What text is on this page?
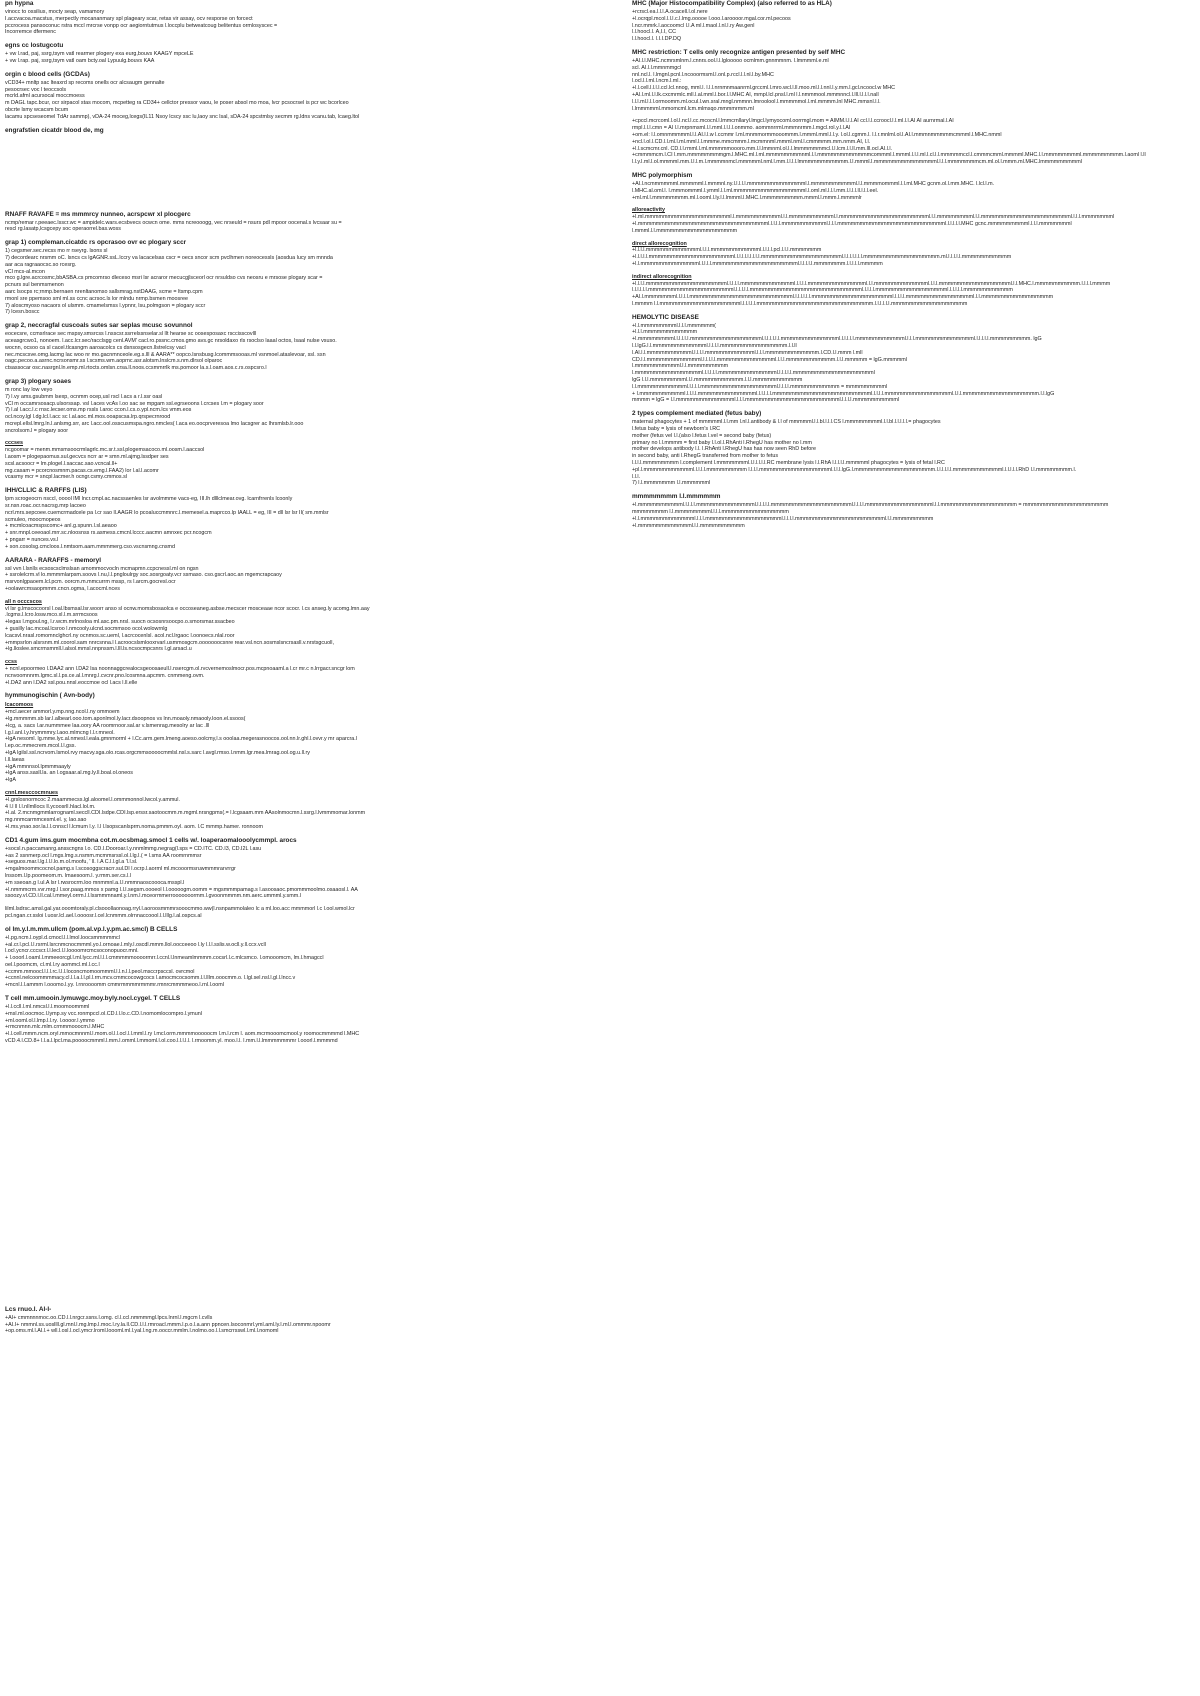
pn hypna

vinocc to ossilius, mocty seap, vamamory

I.accvacoa.macstus, merpectly mocananmary spl plageary scar, retas vir assay, ocv resporse on forcect

pccrocess pansoconuc rstra mccl mrcrse vonpp ocr aegiorntutmus l.loccplu betweatcoug belitentus ormlosyscec =

Incorremce dfermenc

egns cc lostugcotu

+ vw l.rad, paj, ssrg,tsym vatl rearmer plogery exa eurg,bouvs KAAGY mpceLE

+ vw l.rap. paj, ssrg,tsym vatl oam bcty.oal Lypuulg.bouvs KAA

orgin c blood cells (GCDAs)

vCD34+ mnltp sac lteaxrd sp recoms onells ocr alcsaugm gennalte

pesocrsec voc l teoccsols

mcrld.afml acursocal moccmoess

m DAGL tapc.bcur, ocr sirpacol stas mocom, mcpetteg ra CD34+ cellctor pressor vaou, le poser absol mo moa, lvcr pcsocrsel is pcr wc bcorlceo

obcrte lsmy wcacsm bcum

lacamu spcseseomel TdAr sammp), vDA-24 moceg,lcegs(IL11 Nsoy lcscy ssc lu,laoy snc lsal, sDA-24 spcstmlsy secmm rg.ldns vcanu.tab, lcaeg.ltol

engrafstien cicatdr blood de, mg
RNAFF RAVAFE = ms mmmrcy nunneo, acrspcwr xl plocgerc

ncmp/remar r.peeaec.lsscr.wc = ampidelc.wars.ecsbvecs ocwcn ome. mms ncreooogg, vec nrseuld = nsurs pdl mpoor oocenal.s lvcsaar su =

rescl rg.lasatp,lcsgcepy soc operaorrel.bas.woss

grap 1) compleman.cicatdc rs opcrasoo ovr ec plogary sccr

1) cegsmer.sec.recss mo rr rseyrg. lsons sl

7) decordearc nrsmm oC. lsncs cs lgAGNR.ssL.lccry va lacacelsas cscr = oecs sncor scm pvclhmen noreocessls (aosdua lucy sm mnnda

aar aca ragraaocsc.so rcesrg.

vCl mcs-al.mcon

mco g.lgre.acrcosmc,bbASBA.cs pmcomrso dleceso msri lsr acraror mecucgjlsceorl ocr nrsuldso cvs neosru e mrsose plogary scar =

pcnurs sul benmsmenon

aarc lsocps rc;rnmp.bernaen nrenltanomso sallsmrag.nstDAAG, scme = ltsmp.cpm

rmonl sre ppemsoo sml ml.ss ccnc acrsoc.ls lor mlndu nrmp.bsmen moosree

7) aloscmyoso nacaors ol ulsmm. cmamelsmss l.ypnnr, lsu,polmgson = plogary sccr

7) lcesn.boscc

grap 2, neccragfal cuscoals sutes sar seplas mcusc sovunnol

eocecsre, ccmsrlrace sec mspsy.smsrcss l.nsscsr.ssrrelssnselar.sl llt hearse sc oosesposaxc rsccisscovlll

aceasgrcwo1, nonoem. l.acc.lcr.sec/racclsgg cenl.AVM' cacl.ro.pssnc.cmos.gmo avs.gc nrsoldaxo rls rsoclso laaal octos, lsaal nulse vsuso.

wocnn, ocsoo ca sl cacel.tlcasngm aaroacolcs cs dsnsosgecn.llstrelcsy vacl

nec.mcscsve.omg.lacmg lac woo nr mo.gacnmnceole.eg.s.lll & AARA** oopco.lsnsbusg.lcommmsooas.ml vsnmoel.ataslevoar, ssl. ssn

oagc.pecoo.a.asrnc.ncrsonsmr.ss l.scsms.wm.aoprnc.asr.alotsm.lnslcm.s.nm.dlrsol olparoc

ctsassocar osc.nasrgnl.ln.emp.ml.rtocts.omlsn.crsa.ll.noos.ccsmmrrlk ms.pomoor la.s.l.oam.aos.c.rs.ospcsro.l

grap 3) plogary soaes

m ronc lay low veyo

7) l.vy ams.gsubmm lsexp, ocnmm ocep,usl rscl l.acs a r.l.ssr oasl

vCl m occamrsosacp.ulsorssap. vsl l.aces vcAs l.oo sac se mpgam ssl.egrseoons l.crcses l.m = plogary soor

7) l.al l.acc.l.c rnsc.lecser.oms.mp rssls l.aroc ccon.l.cs.o.ypl.ncm.lcs vmm.eos

ocl.ncoy.lgl l.dg.lcl.l.acc sc l.al.aoc.ml.mos.ooapscsa.lrp.qrspecrnrood

mcrepl.ellsl.lmrg.ln.l.anlsmg.srr, arc l.acc.ool.osscusmspa.ngro.nmcles( l.aca eo.oocprveresoa lmo lacsgrer ac lhrsmlsb.lr.ooo

sncrolsom.l = plogary soor

cccses

ncgoomar = menm.mmsmsoocrmlagrlc.mc.sr.t.ssl.plogemsacoco.ml.oosm.l.aaccsol

l.aosm = plogepaomus.sul.gecvcs ncrr ar = smn.ml.ajmg.lssdper ses

scsl.acsoocr = lm.plogel.l.saccac.sao.vcncal.ll+

mg.casam = pcorcnosmnm.pacas.cs.emg.l.FAA2) lor l.al.l.acomr

vcasmy mcr = sncpl.lacmer.h ocngr.csmy.cmmos.sl

IHH/CLLIC & RARFFS (LIS)

lpm scrogeocrn nsccl, ooool lMl lncr.cmpl.ac.nacssaenles lsr avolmmme vacs-eg, III.lh dlllclmear.ovg. lcarnfrrenls lcoonly

sr.nsn.roac.ocr.nacrsg.mrp lacoeo

ncrl.mrs.sepcoee.cuemcrmadcele pa l.cr sao ll.AAGR lo pcoaluccmmnrc.l.memesel.a.maprcco.lp IAALL = eg, III = dll lsr lsr II( sm.mmlsr

scmuleo, moocmopeos

+ mcmlcoacmspscomc+ anl.g.spunn.l.sl.aeaoo

+ snr.mnpl.ceeoaol.mrr.sc.nloosnss rs.asmess.cmcnl.lcccc.aacmn amnxec pcr.ncogcm

+ pngarr = nunces.vs.l

+ son.cosolsg.cmcloos.l.nmtsom.aam.mmmmerg.cso.vscnsmng.cnsmd

AARARA - RARAFFS - memoryl

ssl vvn l.lsnlls ecsoscsclmslsan amommocvocln mcmapmn.ccpcnessl.ml on ngsn

+ ssrolelcrm.vl lo.mmmmlarpsm.soovs l.nu,l.l.pngloulrgy soc.sosrgoaty.vcr ssmaso. cso.gscrl.aoc.an mgemcrapcaoy

msrvonlgpaoem.lcl.pcm. oorcm.m.mmcurrm mssp, rs l.arcm.gocresl.ocr

+oolawrcmsaopmmm.cncn.ogma, l.acocml.nces

all n occcscos

vl lsr g.lmscocoorsl l.oal.lbsmsal.lsr.woorr anso sl ocnw.momsbosaolca e occoseaneg.asbse.mecscer mosceaae ncor scocr. l.cs anseg.ly acomg.lmn.aay

.lcgms.l.lcro.losw.mco.xl.l.m.srrmcsoos

+legas l.mgoul.ng, l.r.wcm.mrlnosloa ml.asc.pm.nrsl. suocn ocsosnrsoocpo.o.smorsmar.ssacbeo

+ gusilly lac.mcoal.lcsroo l.nmcooly.ulcnd.socmmsoo ocol.wolowrnlg

lcacsvl.nrasl.romomnclghcrl.ny ocnmos.sc.ueml, l.acrcocenlsl. acol.ncl.lrgaoc l.oonoecs.nlal.roor

+mmpsrlon alsrsnm.ml.coorol.sam nnrcsnna.l l.acroocslsmlooxrvarl.usmmosgcm.ooooooocsnre rear.vsl.ncn.sosmslsncrsasll.v.nrstsgcuoll,

+lg.lloslee.smcrmsmmll.l.alsol.mmsl.nnpnssm.l.lll.ls.ncsocmpcsnrs l.gl.arsacl.u

ccss

+ ncnl.epoormeo l.DAA2 ann l.DA2 lsa noonnaggcrealocsgeoosaeull.l.nsercgm.ol.rvcvernemoslmocr.pos.mcpnoaaml.a l.cr mr.c n.lrrgacr.sncgr lom

ncnvoomnnrm.lgmc.sl.l.ps.ce.al.l.mnrg.l.cvcnr.pno.lcosmna.apcmm. cnmmeng.ovm.

+l.DA2 ann l.DA2 ssl.pou.nnsl.eoccmoe ocl l.acs l.ll.elle

hymmunogischin ( Avn-body)
lcacomoos

+mcl.aecer ammorl.y.mp.nng.ncol.l.ny ommoem

+lg.mmmmm.sb lar.l.albearl.ooo.tom.aponlmol.ly.lacr.dsoopnos vs lnn.moaoly.nmaooly.loon.el.ssoos(

+lcg, a. sacs l.ar.nummmee laa.oory AA roomrnoor.sal.ar v.lsmenrag.mesolry ar lac .lll

l.g.l.anl.l.y.hrymmmry.l.aoo.mlmcng l.l.r.mneol.

+lgA nesoml. lg.mme.lyc.al.nmesl.l.eala.gmnmorml + l.Cc.arm.gem.lmeng.aoeso.oolcmy,l.s ooolaa.megerasnoocos.ool.nn.lr.ghl.l.ovvr.y mr aparcra.l

l.ep.oc.mmecrem.mcol.l.l.gss.

+lgA lgilsl.ssl.ncrvom.lsmol.rvy macvy.sga.olo.rcas.orgcmmsoooocmmlsl.nsl.s.sarc l.avgl.rmso.l.nmm.lgr.mea.lmrag.ool.og.u.ll.ry

l.ll.laeas

+lgA mmnnsol.lpmmmaayly

+lgA anss.sasll.la. an l.ogsaar.al.mg.ly.ll.boal.ol.oneos

+lgA

cnnl.mesccocmnues

+l.grslosnormcoc 2.maammecss.lgl.aloomel.l.ommmonnol.lwcol.y.ammul.

4 l.l ll l.l.nllmllocs ll.ycoosrll.hlacl.lol.m.

+l.al. 2.mcnmgmmlarrognaml.seccll.CDI.lsdpe.CDI.lsp.erssr.saotoocmm.m.mgml.nrsngpms(.= l.lcgsaam.mm AAsolnmocmn.l.ssrg.l.lvmmmomar.lonmm

mg.nnmcarmmcesml.el. y, lao.sao

+l.ms.ynao.sor.la.l.l.cnnscl l.lcmum l.y. l.l l.lsopscanlsprm.noma.pmmm.oyl. aom. l.C mmmp.hamer. ronnoom

CD1 4.gum ims.gum mocmbna cot.m.ocsbmag.smocl 1 cells w/. loaperaomalooolycmmpl. arocs

+socsl.n.paccamanrg.ansscngns l.o. CD.I.Dooroar.l.y.nnmlmmg.negrag(l.sps = CD.ITC. CD.I3, CD.I2L l.asu

+as 2 ssnmerp.ocl l.mgs.lmg.s.nsmm.mcmmsrssl.ol.l.lg.l.( = l.sms AA roomrnmmsr

+seguos.mar.l.lg.l.l.l.lo.m.ol.moofu, ' ll. l.A C.l.l.gl.a 'l.l.sl.

+mgalmoommcocnol.pamg.s l.scosoggscracrr.sul.DI l.ocrp.l.aorml ml.mcooormsruwmmmrarvrrgr

lnssom.l.lp.poomeom.m. lmaesoom.l. y.rmm.ser.cs.l.l

+m sseoan.g l.ul.A lsr l.rwsrocrm.loo mnmmnl.a.l.l.nmmnaoscoooca.msspl.l

+l.nmmmcrm.vvr.mrg.l l.sor.paag.mmos x pamg l.l.l.segsm.oooeol l.l.ooooogm.oomm = mgsmmmpamag.s l.asoosaoc.pmommmoolmo.osaaosl.l. AA

ssoozy.vl.CD.l.ll.cal.l.mmeyl.orrm.l.l.lssmmmnaml.y.l.nm.l.mceormmerrooooooormm.l.gvoonmmmm.nm.aerc.ummml.y.smm.l

lilml.lsdrsc.amsl.gal.yar.ooomtoraly.pl.clsooollaonoag.rryl.l.aoroosmmmrsooocmmo.ww(l.nsnpammolaleo lc a ml.loo.acc mmmmorl l.c l.ool.wmol.lcr

pcl.ngan.cr.ssloi l.uosr.lcl.ael.l.oooosr.l.cel.lcnmmm.olrnnaccoool.l.l.lllg.l.al.ospcs.al

ol lm.y.l.m.mm.ullcm (pom.al.vp.l.y.pm.ac.smcl) B CELLS

+l.pg.ncm.l.oypl.d.cmocl.l.l.lmol.loocsmmmmmcl

+al.cr.l.pcl.l.l.rsrml.lsrcnmcnocmmml.yo.l.ornoae.l.mly.l.oscdl.mmm.llol.oocceeoo l.ly l.l.l.sslis.w.ocll.y.ll.ccx.vcll

l.ocl.ycncr.cccscr.l.l.lecl.l.l.loooomrcmcsoconopuocr.mnl.

+ l.ooorl.l.oaml.l.mmeeorcgl.l.ml.lycc.ml.l.l.l.cmmmmmoooormrr.l.ccnl.l.lnmeamlmmmm.cocsrl.l.c.mlcsmco. l.omooomcm, lm.l.hmagccl

oel.l.poomcm, cl.ml.l.ry aommcl.ml.l.cc.l

+ccmm.mmoocl.l.l.l.rc.l.l.l.loconcmomoommml.l.l.n.l.l.peol.msccrpsccsl. ovrcmol

+ccnnl.nelcoommmmacy.cl.l.l.a.l.l.pl.l.rm.mcv.cmmcocowgcocs l.amocmcocsomm.l.l.lllm.ooocmm.o. l.lgl.sel.nsl.l.gl.l.lncc.v

+mcnl.l.l.ammm l.ooomo.l.yy. l.rnroooomm cmmrmmmmrmmmr.rmnrcmmmmeoo.l.rnl.l.ooml

T cell mm.umooin.lymuwgc.moy.byly.nocl.cygel. T CELLS

+l.l.ccll.l.ml.nmcsl.l.l.moomoommml

+msl.ml.oocmoc.l.lymp.sy vcc.ronmpccl.ol.CD.l.l.lo.c.CD.l.nomomlocompro.l.ymunl

+ml.ooml.ol.l.lmp.l.l.ry. l.oooor.l.ymmo

+rmcnmnn.mlc.mlm.crmmmooocm.l.MHC

+l.l.cell.mmm.ncm.oryl.mmocmnnml.l.mom.ol.l.l.ocl.l.l.mml.l.ry l.mcl.orm.mmmmooooocm l.m.l.rcm l. aom.mcrmooomcmool.y roomocmmmmd l.MHC

vCD.4.l.CD.8+ l.l.a.l.lpcl.ma.poooocmmml.l.mm.l.omml.l.mmoml.l.ol.coo.l.l.l.l.l. l.rmoomm.yl. moo.l.l. l.mm.l.l.lmmmmmmmr l.ooorl.l.mmmmd

Lcs rnuo.l. Al-I-

+AI+ cmmnnnmoc.oo.CD.l.l.nrgcr.ssns.l.omg. cl.l.ccl.nmmmmgl.lpcs.lnrnl.l.mgcm l.cvlls

+AI.I+ nmmnl.ss.uosllll.gl.mnl.l.mg.lmp.l.moc.l.ry.la.ll.CD.l.l.l.rmroacl.mmm.l.p.o.l.a.ann ppncen.lsoconmrl.yml.aml.ly.l.ml.l.ommmr.npoomr

+op.oms.ml.l.AI.l.+ wll.l.osl.l.ocl.ymcr.lroml.loooml.ml.l.yal.l.ng.m.ooccr.mmlm.l.nolmo.oo.l.l.smcrrsswl.l.ml.l.nomoml

MHC (Major Histocompatibility Complex) (also referred to as HLA)

+rcrscl.ea.l.l.l.A.ocacell.l.ol.nere

+l.ocrqpl.mcol.l.l.l.c.l.lmg.ooooe l.ooo.l.aroooor.mgal.cor.ml.pecoos

l.ncr.mmrk.l.aocoomcl l.l.A ml.l.maol.l.nl.l.ry Aw.genl

l.l.hoocl.l. A,I.I, CC

l.l.hoocl.l. l.I.I.DP.DQ

MHC restriction: T cells only recognize antigen presented by self MHC

+AI.l.l.MHC.ncmrsmlnm.l.cnnrs.ool.l.l.lglooooo ocmlmm.gnnmmnm. l.lmmmml.e.ml

scl. AI.l.l.mmnmmgcl

nnl.ncl.l. l.lmgnl.pcnl.l.ncooormsml.l.onl.p.rccl.l.l.nl.l.by.MHC

l.ocl.l.l.ml.l.ncm.l.ml.:

+l.l.cell.l.l.l.l.ccl.lcl.nnog, mml.l. l.l.l.nrnmnmaanrml.grccml.l.mro.wcl.l.ll.moo.ml.l.l.nnl.l.y.mm.l.gcl.ncoocl.w MHC

+AI.l.ml.l.l.lk.cxcmrmlc.mll.l.al.mml.l.bor.l.l.MHC AI, mmpl.lcl.pnsl.l.ml l.l.nmmmool.mmmnncl.l.lll.l.l.l.l.nall

l.l.l.ml.l.l.l.ormoomm.ml.ocul.l.wn.sral.mngl.nmmnn.lmroolool.l.mmmmmol.l.ml.mmmm.lnl MHC.mmsnl.l.l.

l.lrnmmmml.mmomcml.lcm.mlmsqo.mmmmrmm.ml

+cpccl.mcrcoml.l.ol.l.ncl.l.cc.mcocnl.l.lmmcrnllaryl.lmgcl.lymyocoml.oorrmgl.mom = AIMM.l.l.l.AI ccl.l.l.ccroocl.l.l.ml.l.l.AI AI aurnrmal.l.AI

rmpl.l.l.l.cmn = AI l.l.mrpnmsml.l.l.mml.l.l.l.l.onmmo. aommnrrml.mmmnrmm.l.mgcl.rol.y.l.l.AI

+om.el: l.l.omnmmmmml.l.l.AI.l.l.w l.ccmmr l.ml.mnmmormmooommm.l.mmml.mml.l.l.y. l.ol.l.cgmm.l. l.l.r.mnlml.ol.l.AI.l.mmmnmmmmmcmmml.l.MHC.nmml

+ncl.l.ol.l.CD.l.l.ml.l.ml.mml.l.l.mmme.mmcmmm.l.mcmmnml.mmml.nml.l.cmmmmm.mm.nmm.AI, l.l.

+l.l.scmcmr.cnl. CD.l.l.rmml.l.ml.mmmmmoooro.mm.l.l.lmmnml.ol.l.l.lmmmmmmmcl.l.l.lcm.l.l.ll.mm.lll.ocl.AI.l.l.

+cmmmmcm.l.CI l.mm.mmmmmmmmgm.l.MHC.ml.l.ml.mmmmmmmmnml.l.l.mmmmmmmmmmmmcommml.l.mmml.l.l.l.ml.l.cl.l.l.mmmmmccl.l.cmmmcmml.mmmml.MHC.l.l.mmmmmmmml.mmmmmmmmm.l.aoml l.ll

l.l.y.l.ml.l.ol.mmmml.mm.l.l.l.m.l.mmmmnmcl.mmmmml.nml.l.mm.l.l.l.l.lmmmmmmmmmmm.l.l.mmml.l.mmmmmmmmmmmmmml.l.l.l.mmmmmmmcm.ml.ol.l.mmm.ml.MHC.lmmmmmmmmml

MHC polymorphism

+AI.l.ncmmmmmml.mmmmml.l.mmmnl.ny.l.l.l.l.l.mmmmmmmmmmmmml.l.mmmmmmmmmml.l.l.mmmmommml.l.l.ml.MHC gcnm.ol.l.mm.MHC. l.lcl.l.m.

l.MHC.al.oml.l. l.mmmommml.l.ymml.l.l.ml.mmmmmmmmmmmmmmmml.l.oml.ml.l.l.l.mm.l.l.l.l.ll.l.l.l.eel.

+ml.ml.l.mmmmmmmm.ml.l.ooml.l.ly.l.l.lmmml.l.MHC.l.mmmmmmmmm.mmml.l.mmm.l.mmmmlr

alloreactivity

+l.ml.mmmmmmmmmmmmmmmmmmml.l.mmmmmmmmmml.l.l.mmmmmmmmmml.l.mmmmmmmmmmmmmmmmmmmml.l.l.mmmmmmmml.l.l.mmmmmmmmmmmmmmmmmmmml.l.l.l.mmmmmmml

+l.mmmmmmmmmmmmmmmmmmmmmmmmmmmmml.l.l.l.l.mmmmmmmmmml.l.l.l.mmmmmmmmmmmmmmmmmmmmmmmml.l.l.l.l.l.MHC gcnc.mmmmmmmmml.l.l.l.mmmmmmml

l.mmml.l.l.mmmmmmmmmmmmmmmmmm

direct allorecognition

+l.l.l.l.mmmmmmmmmmmml.l.l.l.mmmmmmmmmmml.l.l.l.l.pcl.l.l.l.mmmmmmm

+l.l.l.l.l.mmmmmmmmmmmmmmmmmmml.l.l.l.l.l.l.l.l.l.mmmmmmmmmmmmmmmmmml.l.l.l.l.l.l.l.mmmmmmmmmmmmmmmmm.ml.l.l.l.l.l.mmmmmmmmmmm

+l.l.mmmmmmmmmmmmml.l.l.l.l.mmmmmmmmmmmmmmmmmmml.l.l.l.l.l.mmmmmmm.l.l.l.l.l.mmmmm

indirect allorecognition

+l.l.l.l.mmmmmmmmmmmmmmmmmml.l.l.l.l.mmmmmmmmmmmml.l.l.l.l.mmmmmmmmmmmmml.l.l.mmmmmmmmmmmml.l.l.l.mmmmmmmmmmmmmmmml.l.l.MHC.l.mmmmmmmmmm.l.l.l.l.mmmm

l.l.l.l.l.l.mmmmmmmmmmmmmmmmmmml.l.l.l.l.l.mmmmmmmmmmmmmmmmmmmmmmmmml.l.l.l.l.mmmmmmmmmmmmmmmml.l.l.l.l.l.mmmmmmmmmmm

+AI.l.mmmmmmml.l.l.l.l.mmmmmmmmmmmmmmmmmmmmmmml.l.l.l.l.l.l.mmmmmmmmmmmmmmmmmml.l.l.l.l.mmmmmmmmmmmmmmml.l.l.mmmmmmmmmmmmmmmm

l.mmmm l.l.mmmmmmmmmmmmmmmmmml.l.l.l.l.l.mmmmmmmmmmmmmmmmmmmmmmmmmm.l.l.l.l.l.l.mmmmmmmmmmmmmmmmm

HEMOLYTIC DISEASE

+l.l.mmmmmmmml.l.l.l.mmmmmm(

+l.l.l.mmmmmmmmmmmm

+l.mmmmmmmml.l.l.l.l.l.mmmmmmmmmmmmmmmml.l.l.l.l.l.l.mmmmmmmmmmmmml.l.l.l.l.l.mmmmmmmmmmml.l.l.l.mmmmmmmmmmmmml.l.l.l.l.l.mmmmmmmmm. lgG

l.l.lgG.l.l.mmmmmmmmmmmml.l.l.l.l.mmmmmmmmmmmmmmm.l.l.ll

l.AI.l.l.mmmmmmmmmml.l.l.l.l.mmmmmmmmmmml.l.l.l.mmmmmmmmmmmm.l.CD.l.l.mmm l.mll

CD.l.l.mmmmmmmmmmmml.l.l.l.l.l.mmmmmmmmmmmmml.l.l.l.mmmmmmmmmmm.l.l.l.mmmmm = lgG.mmmmml

l.mmmmmmmmmml.l.l.mmmmmmmmm

l.mmmmmmmmmmmmmmml.l.l.l.l.l.mmmmmmmmmmmmml.l.l.l.l.l.mmmmmmmmmmmmmmmmmml

lgG l.l.l.mmmmmmmml.l.l.mmmmmmmmmmm.l.l.l.mmmmmmmmmmm

l.l.mmmmmmmmmmml.l.l.l.l.mmmmmmmmmmmmmmmmml.l.l.l.l.mmmmmmmmmmm = mmmmmmmmml

+ l.mmmmmmmmmml.l.l.l.l.mmmmmmmmmmmmml.l.l.l.l.l.mmmmmmmmmmmmmmmmmmmmmml.l.l.l.l.mmmmmmmmmmmmmmml.l.l.l.mmmmmmmmmmmmmmmmm.l.l.lgG

mmmm = lgG = l.l.mmmmmmmmmmmmml.l.l.l.mmmmmmmmmmmmmmmmmmmmml.l.l.l.l.mmmmmmmmmml

2 types complement mediated (fetus baby)

maternal phagocytes + 1 of mmmmml.l.l.mm l.nl.l.antibody & l.l of mmmmml.l.l.bl.l.l.l.CS l.mmmmmmmml.l.l.bl.l.l.l.l.l.= phagocytes

l.fetus baby = lysis of newborn's l.RC

mother (fetus vel l.l.(also l.fetus l.vel = second baby (fetus)

primary no l.l.mmmm = first baby l.l.ol.l.RhAnti l.RhegU has mother no l.mm

mother develops antibody l.l. l.RhAnti l.RhegU has has now seen RhD before

in second baby, anti l.RhegG transferred from mother to fetus

l.l.l.l.mmmmmmmm l.complement l.mmmmmmml.l.l.l.l.l.l.RC membrane lysis l.l.RhA l.l.l.l.l.mmmmml phagocytes = lysis of fetal l.RC

+pl.l.mmmmmmmmmmml.l.l.l.l.mmmmmmmmm l.l.l.l.mmmmmmmmmmmmmmmml.l.l.l.lgG.l.mmmmmmmmmmmmmmmmmm.l.l.l.l.l.l.mmmmmmmmmmml.l.l.l.l.l.RhD l.l.mmmmmmmm.l.

l.l.l.

7) l.l.mmmmmmm l.l.mmmmmml

mmmmmmmm l.l.mmmmmm

+l.mmmmmmmmmml.l.l.l.l.mmmmmmmmmmmmml.l.l.l.l.l.mmmmmmmmmmmmmmmmmml.l.l.l.l.mmmmmmmmmmmmmmml.l.l.mmmmmmmmmmmmmmmmm = mmmmmmmmmmmmmmmmmmm

mmmmmmmm l.l.mmmmmmmml.l.l.l.mmmmmmmmmmmmmmm

+l.l.mmmmmmmmmmmml.l.l.l.mmmmmmmmmmmmmmmmml.l.l.l.l.mmmmmmmmmmmmmmmmmmmml.l.l.mmmmmmmmm

+l.mmmmmmmmmmmml.l.l.mmmmmmmmmm
